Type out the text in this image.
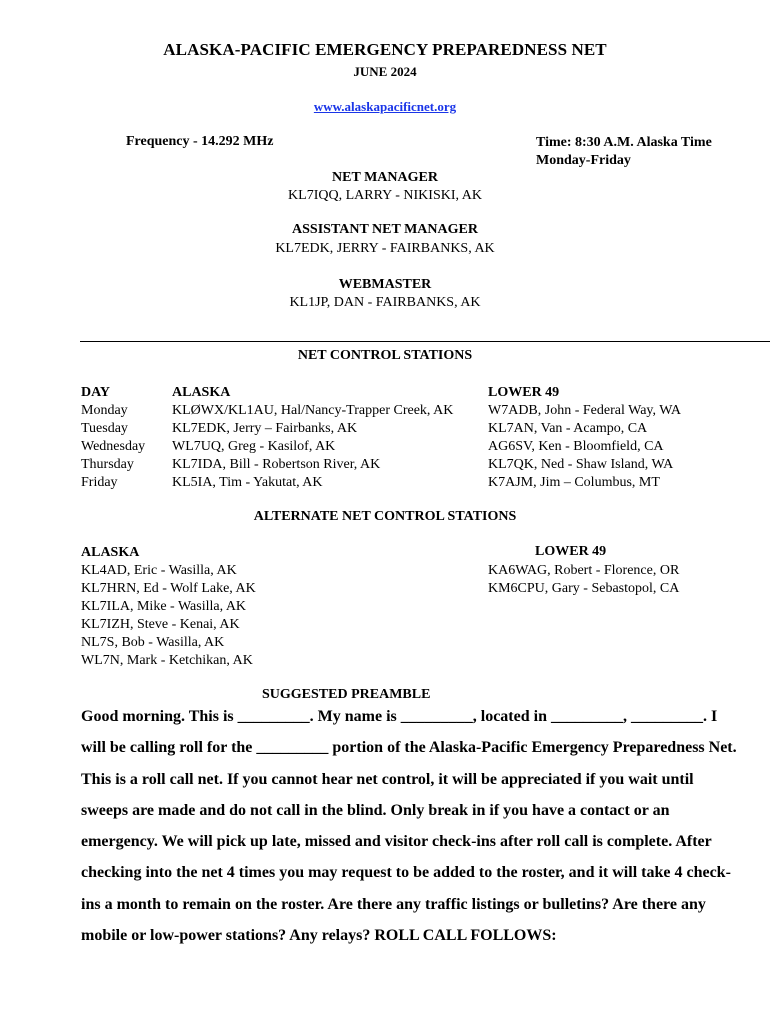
ALASKA-PACIFIC EMERGENCY PREPAREDNESS NET
JUNE 2024
www.alaskapacificnet.org
Frequency - 14.292 MHz	Time: 8:30 A.M. Alaska Time
Monday-Friday
NET MANAGER
KL7IQQ, LARRY - NIKISKI, AK
ASSISTANT NET MANAGER
KL7EDK, JERRY - FAIRBANKS, AK
WEBMASTER
KL1JP, DAN - FAIRBANKS, AK
NET CONTROL STATIONS
DAY
Monday
Tuesday
Wednesday
Thursday
Friday
ALASKA
KLØWX/KL1AU, Hal/Nancy-Trapper Creek, AK
KL7EDK, Jerry – Fairbanks, AK
WL7UQ, Greg - Kasilof, AK
KL7IDA, Bill - Robertson River, AK
KL5IA, Tim - Yakutat, AK
LOWER 49
W7ADB, John - Federal Way, WA
KL7AN, Van - Acampo, CA
AG6SV, Ken - Bloomfield, CA
KL7QK, Ned - Shaw Island, WA
K7AJM, Jim – Columbus, MT
ALTERNATE NET CONTROL STATIONS
ALASKA
KL4AD, Eric - Wasilla, AK
KL7HRN, Ed - Wolf Lake, AK
KL7ILA, Mike - Wasilla, AK
KL7IZH, Steve - Kenai, AK
NL7S, Bob - Wasilla, AK
WL7N, Mark - Ketchikan, AK
LOWER 49
KA6WAG, Robert - Florence, OR
KM6CPU, Gary - Sebastopol, CA
SUGGESTED PREAMBLE

Good morning. This is _________. My name is _________, located in _________, _________. I will be calling roll for the _________ portion of the Alaska-Pacific Emergency Preparedness Net. This is a roll call net. If you cannot hear net control, it will be appreciated if you wait until sweeps are made and do not call in the blind. Only break in if you have a contact or an emergency. We will pick up late, missed and visitor check-ins after roll call is complete. After checking into the net 4 times you may request to be added to the roster, and it will take 4 check-ins a month to remain on the roster. Are there any traffic listings or bulletins? Are there any mobile or low-power stations? Any relays? ROLL CALL FOLLOWS:
